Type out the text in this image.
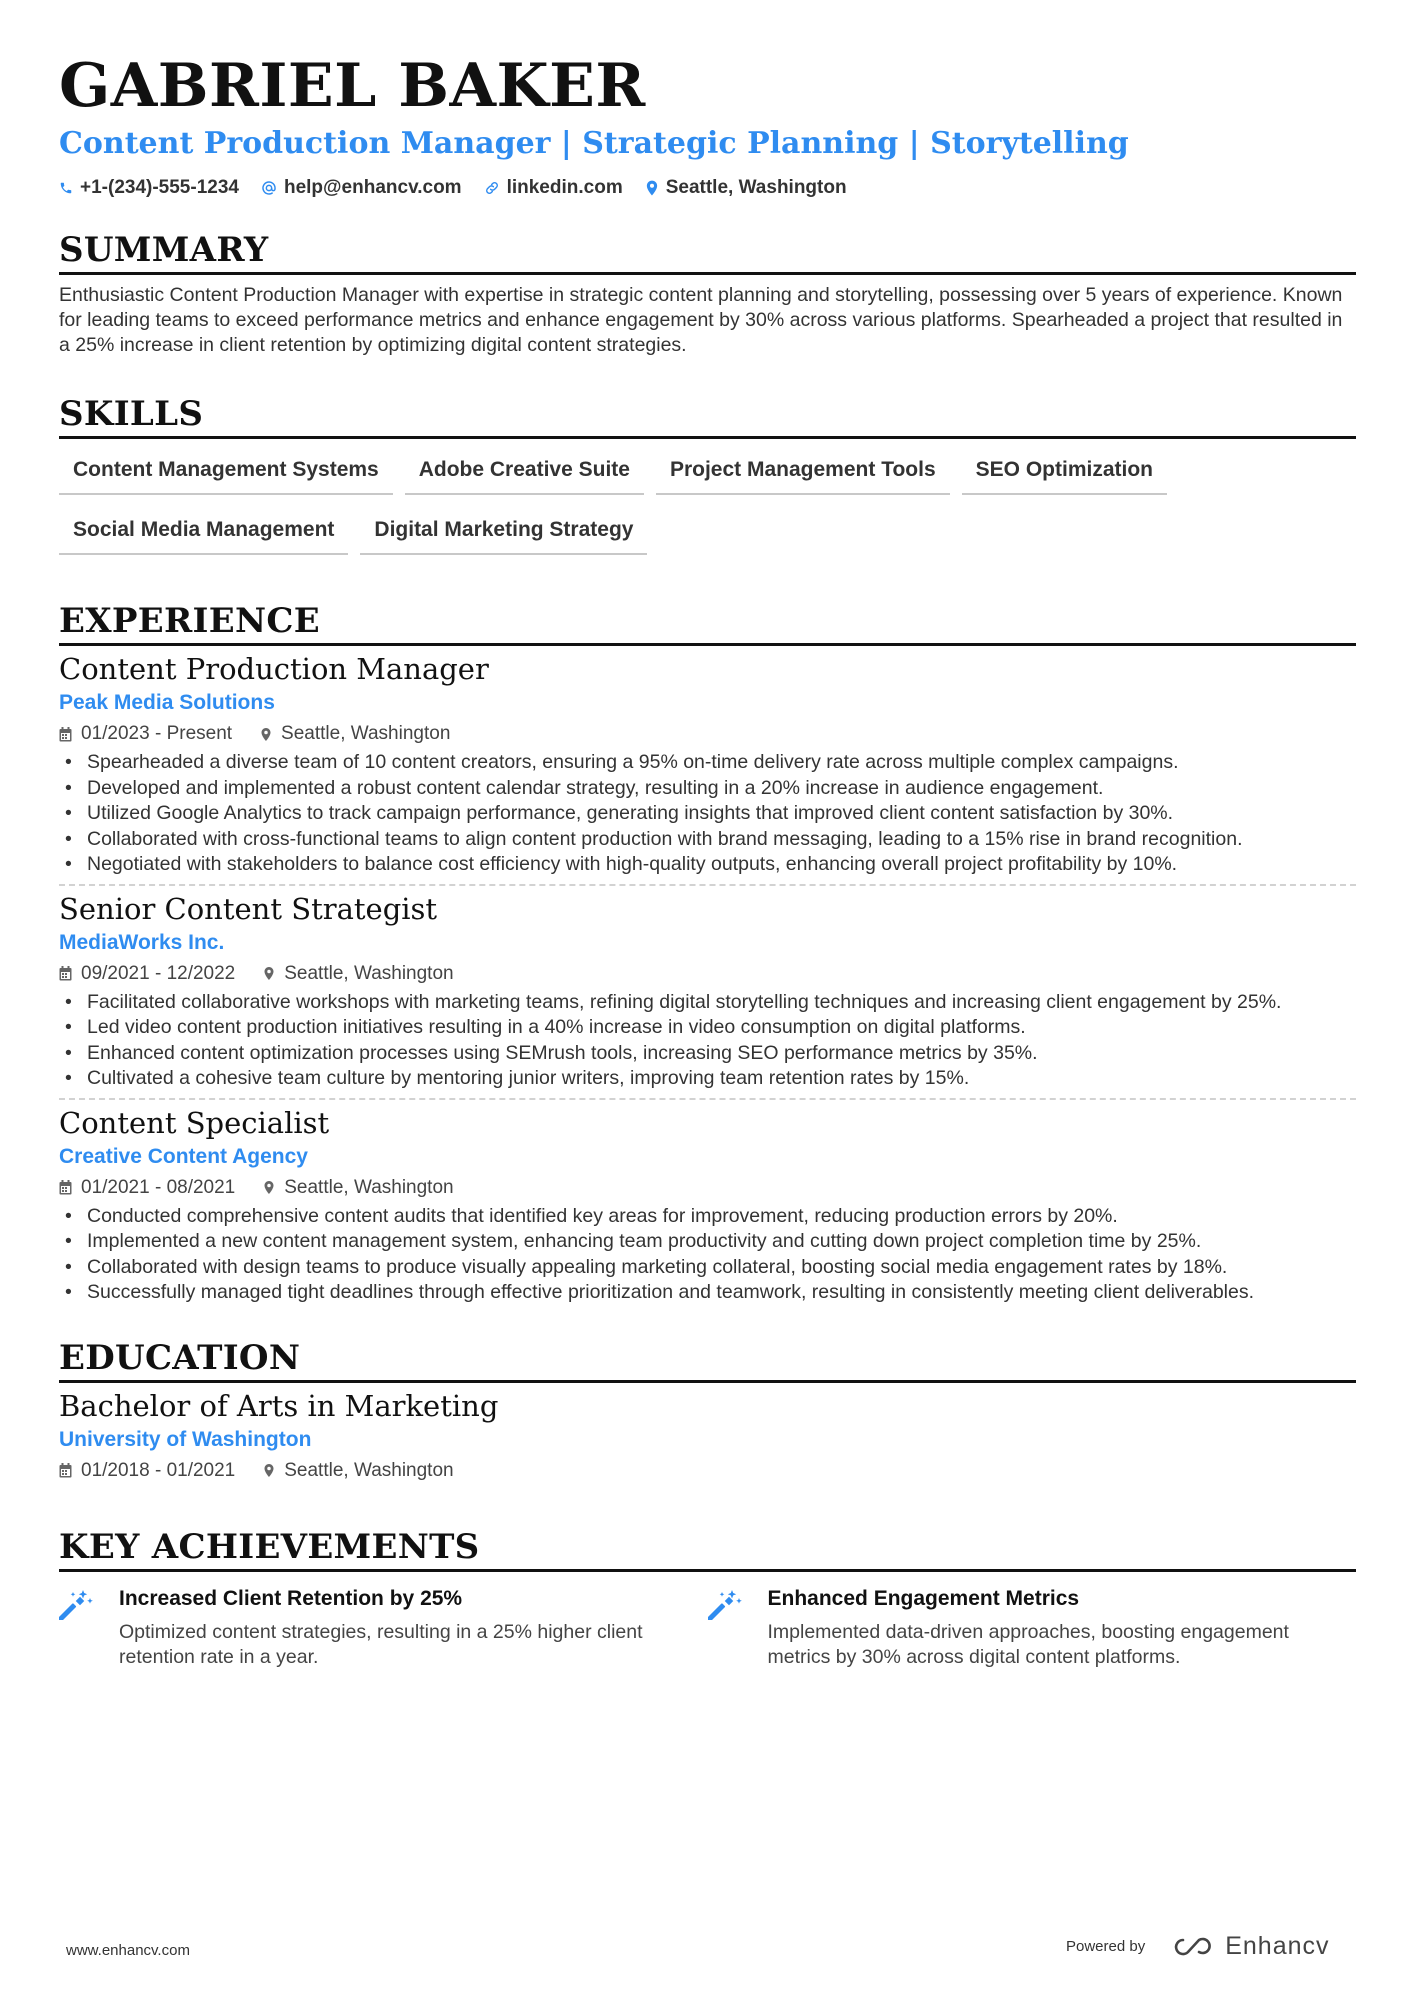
GABRIEL BAKER
Content Production Manager | Strategic Planning | Storytelling
+1-(234)-555-1234 help@enhancv.com linkedin.com Seattle, Washington
SUMMARY
Enthusiastic Content Production Manager with expertise in strategic content planning and storytelling, possessing over 5 years of experience. Known for leading teams to exceed performance metrics and enhance engagement by 30% across various platforms. Spearheaded a project that resulted in a 25% increase in client retention by optimizing digital content strategies.
SKILLS
Content Management Systems	Adobe Creative Suite	Project Management Tools	SEO Optimization
Social Media Management	Digital Marketing Strategy
EXPERIENCE
Content Production Manager
Peak Media Solutions
01/2023 - Present	Seattle, Washington
• Spearheaded a diverse team of 10 content creators, ensuring a 95% on-time delivery rate across multiple complex campaigns.
• Developed and implemented a robust content calendar strategy, resulting in a 20% increase in audience engagement.
• Utilized Google Analytics to track campaign performance, generating insights that improved client content satisfaction by 30%.
• Collaborated with cross-functional teams to align content production with brand messaging, leading to a 15% rise in brand recognition.
• Negotiated with stakeholders to balance cost efficiency with high-quality outputs, enhancing overall project profitability by 10%.
Senior Content Strategist
MediaWorks Inc.
09/2021 - 12/2022	Seattle, Washington
• Facilitated collaborative workshops with marketing teams, refining digital storytelling techniques and increasing client engagement by 25%.
• Led video content production initiatives resulting in a 40% increase in video consumption on digital platforms.
• Enhanced content optimization processes using SEMrush tools, increasing SEO performance metrics by 35%.
• Cultivated a cohesive team culture by mentoring junior writers, improving team retention rates by 15%.
Content Specialist
Creative Content Agency
01/2021 - 08/2021	Seattle, Washington
• Conducted comprehensive content audits that identified key areas for improvement, reducing production errors by 20%.
• Implemented a new content management system, enhancing team productivity and cutting down project completion time by 25%.
• Collaborated with design teams to produce visually appealing marketing collateral, boosting social media engagement rates by 18%.
• Successfully managed tight deadlines through effective prioritization and teamwork, resulting in consistently meeting client deliverables.
EDUCATION
Bachelor of Arts in Marketing
University of Washington
01/2018 - 01/2021	Seattle, Washington
KEY ACHIEVEMENTS
Increased Client Retention by 25%
Optimized content strategies, resulting in a 25% higher client retention rate in a year.
Enhanced Engagement Metrics
Implemented data-driven approaches, boosting engagement metrics by 30% across digital content platforms.
www.enhancv.com	Powered by	Enhancv
